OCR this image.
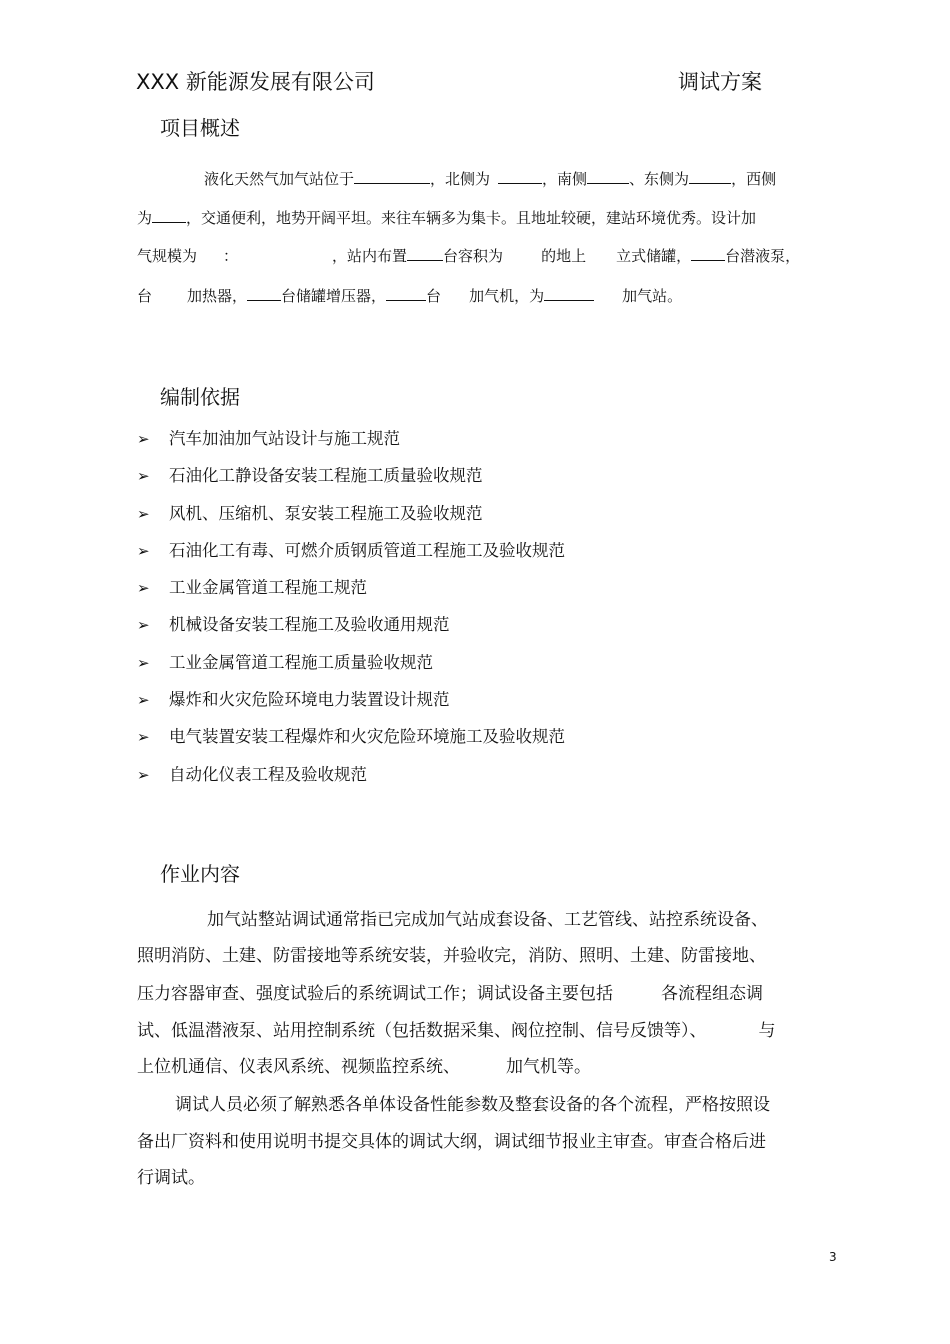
XXX 新能源发展有限公司	调试方案
项目概述
液化天然气加气站位于	，北侧为	，南侧	、东侧为	，西侧
为 ，交通便利，地势开阔平坦。来往车辆多为集卡。且地址较硬，建站环境优秀。设计加
气规模为 ：	，站内布置 台容积为	的地上 立式储罐， 台潜液泵，
台 加热器， 台储罐增压器，	台 加气机，为	加气站。
编制依据
➢ 汽车加油加气站设计与施工规范
➢ 石油化工静设备安装工程施工质量验收规范
➢ 风机、压缩机、泵安装工程施工及验收规范
➢ 石油化工有毒、可燃介质钢质管道工程施工及验收规范
➢ 工业金属管道工程施工规范
➢ 机械设备安装工程施工及验收通用规范
➢ 工业金属管道工程施工质量验收规范
➢ 爆炸和火灾危险环境电力装置设计规范
➢ 电气装置安装工程爆炸和火灾危险环境施工及验收规范
➢ 自动化仪表工程及验收规范
作业内容
加气站整站调试通常指已完成加气站成套设备、工艺管线、站控系统设备、
照明消防、土建、防雷接地等系统安装，并验收完，消防、照明、土建、防雷接地、
压力容器审查、强度试验后的系统调试工作；调试设备主要包括	各流程组态调
试、低温潜液泵、站用控制系统（包括数据采集、阀位控制、信号反馈等）、	与
上位机通信、仪表风系统、视频监控系统、	加气机等。
调试人员必须了解熟悉各单体设备性能参数及整套设备的各个流程，严格按照设
备出厂资料和使用说明书提交具体的调试大纲，调试细节报业主审查。审查合格后进
行调试。
3
